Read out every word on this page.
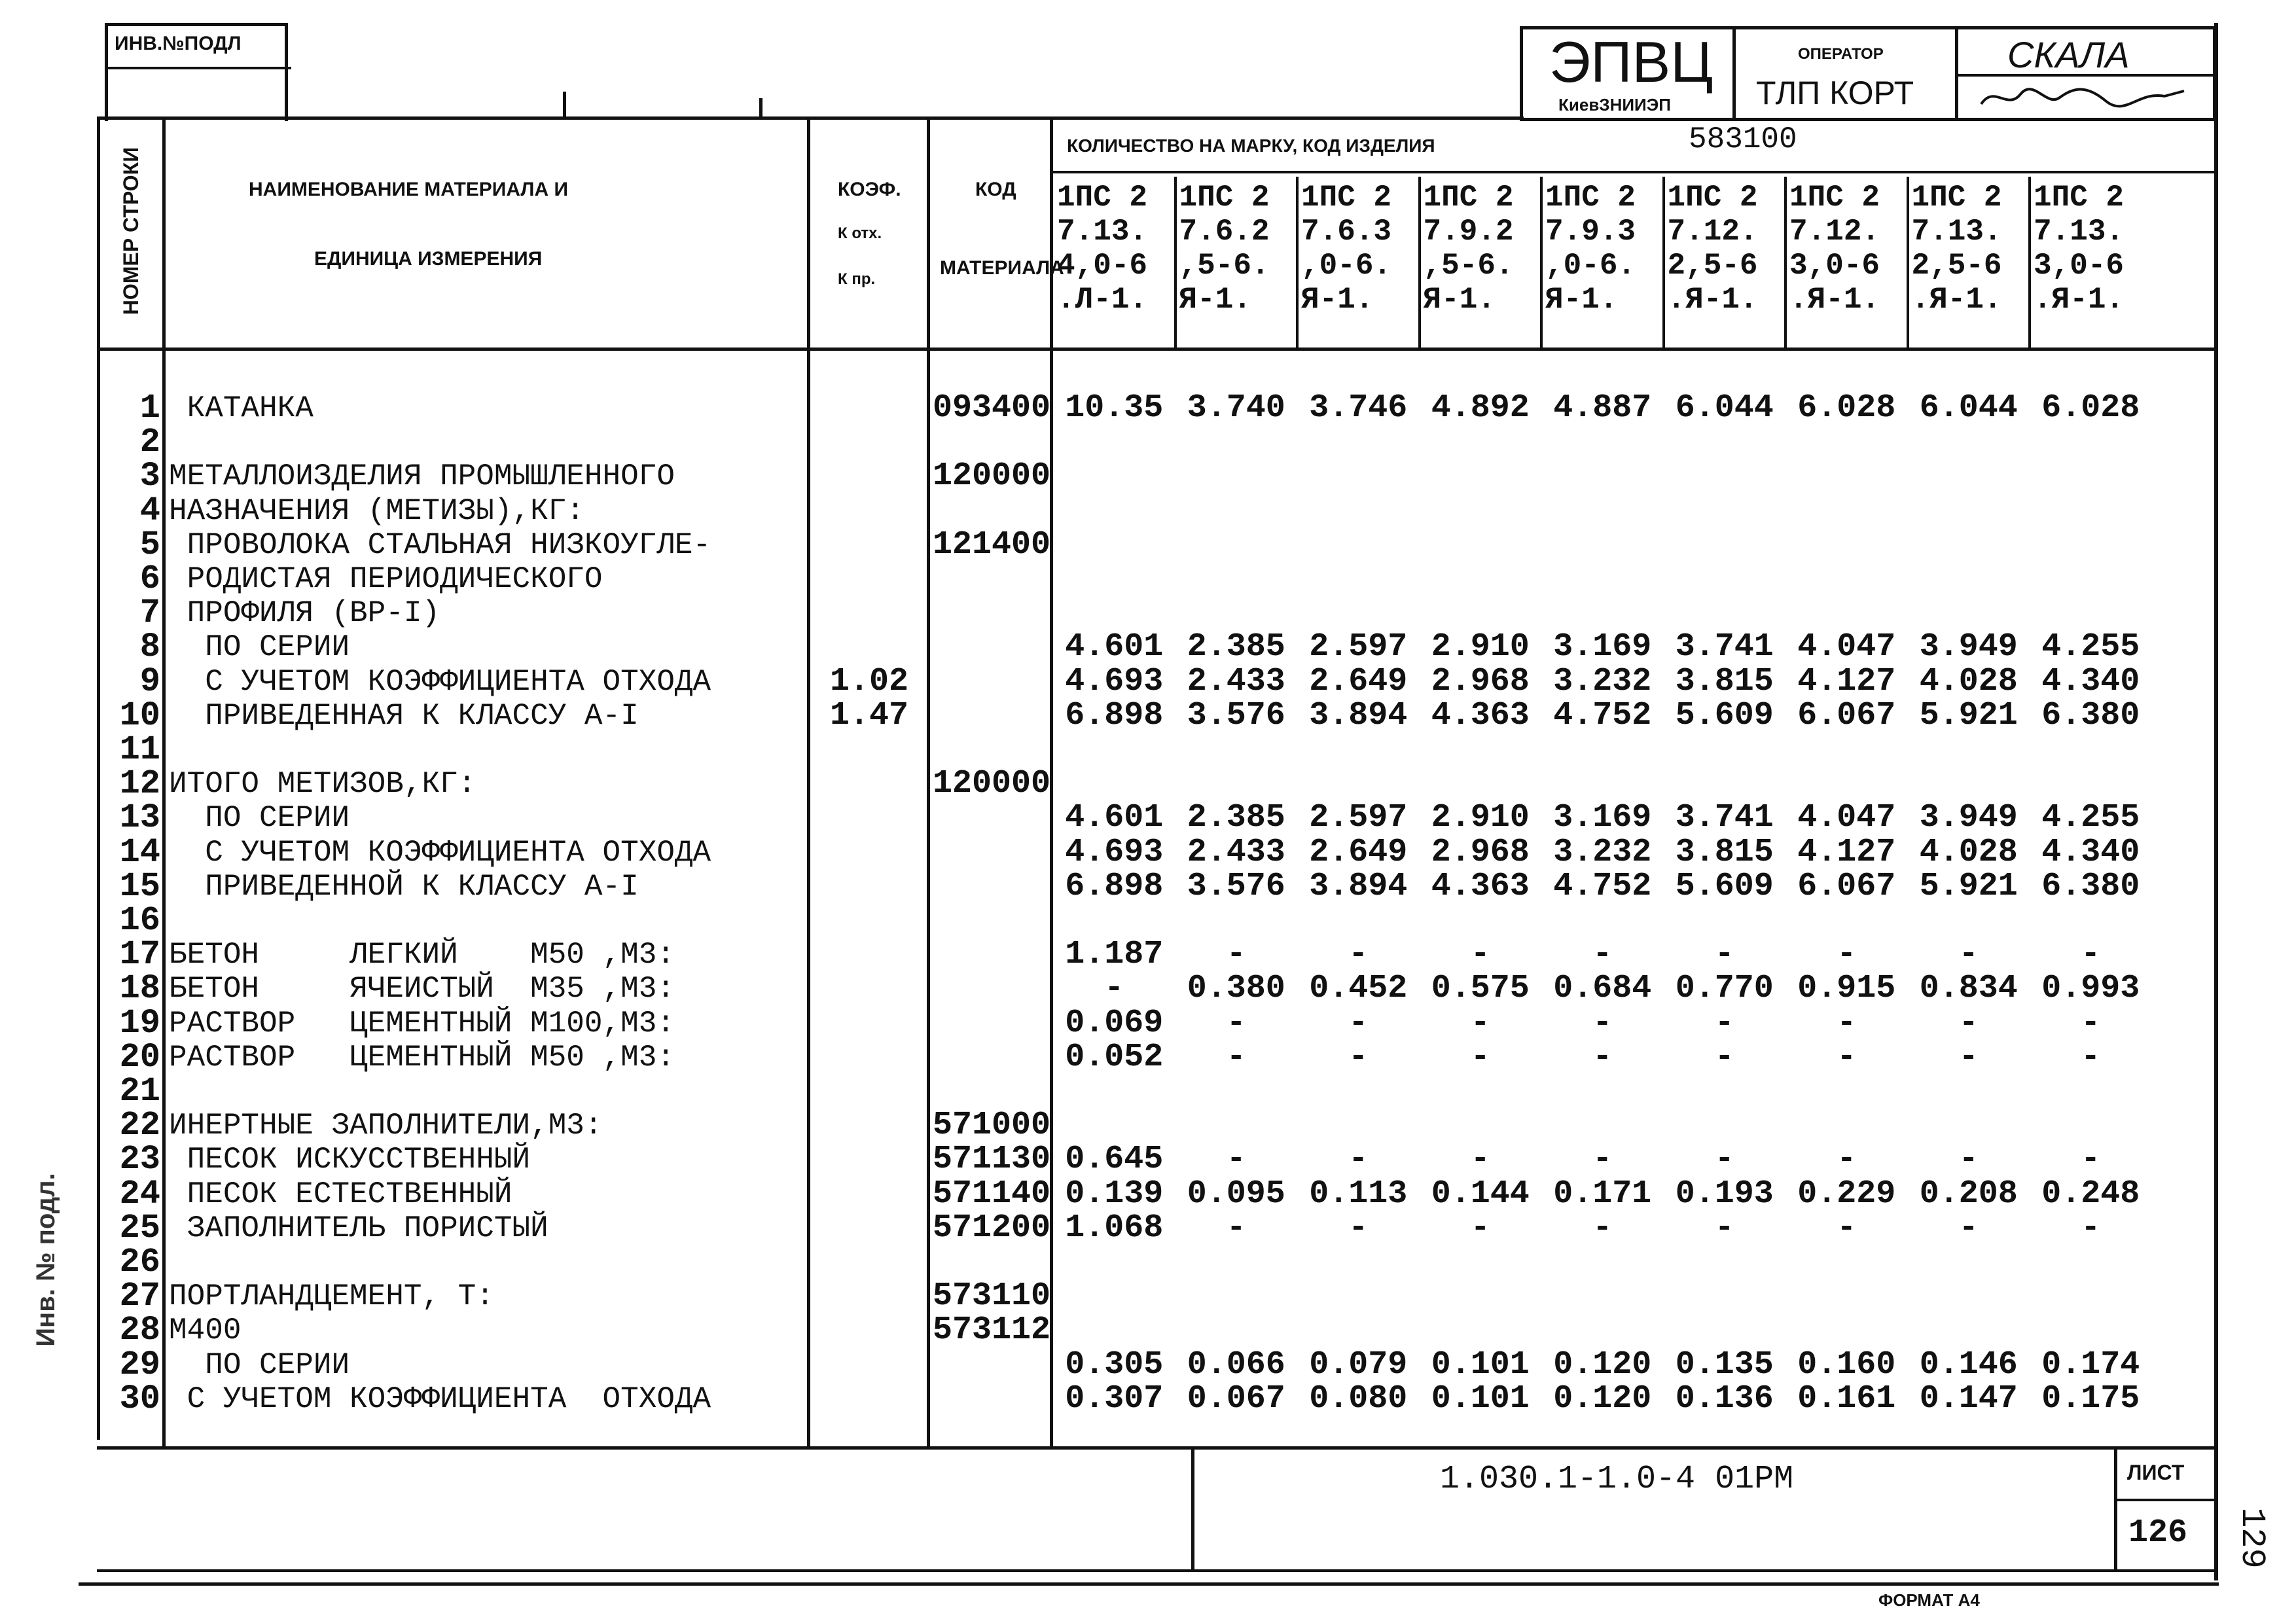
ИНВ.№ПОДЛ	ЭПВЦ
КиевЗНИИЭП
ОПЕРАТОР
ТЛП КОРТ
СКАЛА
НОМЕР СТРОКИ	НАИМЕНОВАНИЕ МАТЕРИАЛА И
ЕДИНИЦА ИЗМЕРЕНИЯ
КОЭФ.
К отх.
К пр.
КОД
МАТЕРИАЛА
КОЛИЧЕСТВО НА МАРКУ, КОД ИЗДЕЛИЯ	583100
1ПС 2
7.13.
4,0-6
.Л-1.
1ПС 2
7.6.2
,5-6.
Я-1.
1ПС 2
7.6.3
,0-6.
Я-1.
1ПС 2
7.9.2
,5-6.
Я-1.
1ПС 2
7.9.3
,0-6.
Я-1.
1ПС 2
7.12.
2,5-6
.Я-1.
1ПС 2
7.12.
3,0-6
.Я-1.
1ПС 2
7.13.
2,5-6
.Я-1.
1ПС 2
7.13.
3,0-6
.Я-1.
1 КАТАНКА	093400 10.35 3.740 3.746 4.892 4.887 6.044 6.028 6.044 6.028
2
3 МЕТАЛЛОИЗДЕЛИЯ ПРОМЫШЛЕННОГО	120000
4 НАЗНАЧЕНИЯ (МЕТИЗЫ),КГ:
5 ПРОВОЛОКА СТАЛЬНАЯ НИЗКОУГЛЕ-	121400
6 РОДИСТАЯ ПЕРИОДИЧЕСКОГО
7 ПРОФИЛЯ (ВР-I)
8 ПО СЕРИИ	4.601 2.385 2.597 2.910 3.169 3.741 4.047 3.949 4.255
9 С УЧЕТОМ КОЭФФИЦИЕНТА ОТХОДА	1.02	4.693 2.433 2.649 2.968 3.232 3.815 4.127 4.028 4.340
10 ПРИВЕДЕННАЯ К КЛАССУ А-I	1.47	6.898 3.576 3.894 4.363 4.752 5.609 6.067 5.921 6.380
11
12 ИТОГО МЕТИЗОВ,КГ:	120000
13 ПО СЕРИИ	4.601 2.385 2.597 2.910 3.169 3.741 4.047 3.949 4.255
14 С УЧЕТОМ КОЭФФИЦИЕНТА ОТХОДА	4.693 2.433 2.649 2.968 3.232 3.815 4.127 4.028 4.340
15 ПРИВЕДЕННОЙ К КЛАССУ А-I	6.898 3.576 3.894 4.363 4.752 5.609 6.067 5.921 6.380
16
17 БЕТОН     ЛЕГКИЙ    М50 ,М3:	1.187	-	-	-	-	-	-	-	-
18 БЕТОН     ЯЧЕИСТЫЙ  М35 ,М3:	-	0.380 0.452 0.575 0.684 0.770 0.915 0.834 0.993
19 РАСТВОР   ЦЕМЕНТНЫЙ М100,М3:	0.069	-	-	-	-	-	-	-	-
20 РАСТВОР   ЦЕМЕНТНЫЙ М50 ,М3:	0.052	-	-	-	-	-	-	-	-
21
22 ИНЕРТНЫЕ ЗАПОЛНИТЕЛИ,М3:	571000
23 ПЕСОК ИСКУССТВЕННЫЙ	571130 0.645	-	-	-	-	-	-	-	-
24 ПЕСОК ЕСТЕСТВЕННЫЙ	571140 0.139 0.095 0.113 0.144 0.171 0.193 0.229 0.208 0.248
25 ЗАПОЛНИТЕЛЬ ПОРИСТЫЙ	571200 1.068	-	-	-	-	-	-	-	-
26
27 ПОРТЛАНДЦЕМЕНТ, Т:	573110
28 М400	573112
29 ПО СЕРИИ	0.305 0.066 0.079 0.101 0.120 0.135 0.160 0.146 0.174
30 С УЧЕТОМ КОЭФФИЦИЕНТА  ОТХОДА	0.307 0.067 0.080 0.101 0.120 0.136 0.161 0.147 0.175
1.030.1-1.0-4 01РМ	ЛИСТ
126 129
ФОРМАТ А4
Инв. № подл.
